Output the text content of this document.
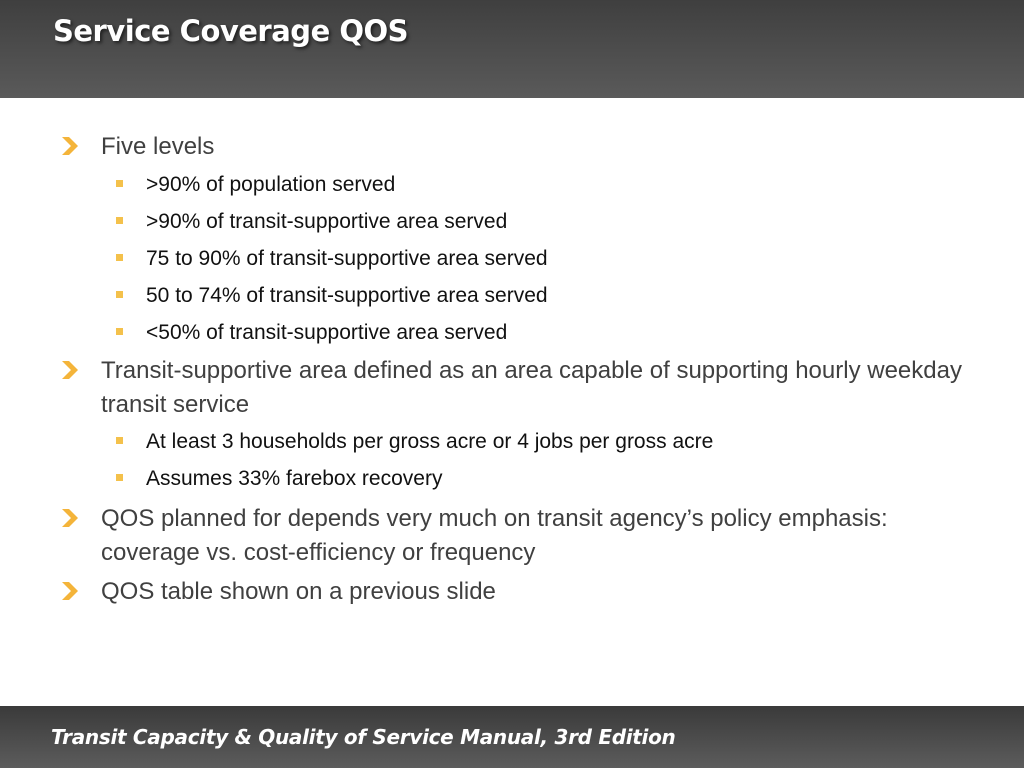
Service Coverage QOS
Five levels
>90% of population served
>90% of transit-supportive area served
75 to 90% of transit-supportive area served
50 to 74% of transit-supportive area served
<50% of transit-supportive area served
Transit-supportive area defined as an area capable of supporting hourly weekday transit service
At least 3 households per gross acre or 4 jobs per gross acre
Assumes 33% farebox recovery
QOS planned for depends very much on transit agency’s policy emphasis: coverage vs. cost-efficiency or frequency
QOS table shown on a previous slide
Transit Capacity & Quality of Service Manual, 3rd Edition
